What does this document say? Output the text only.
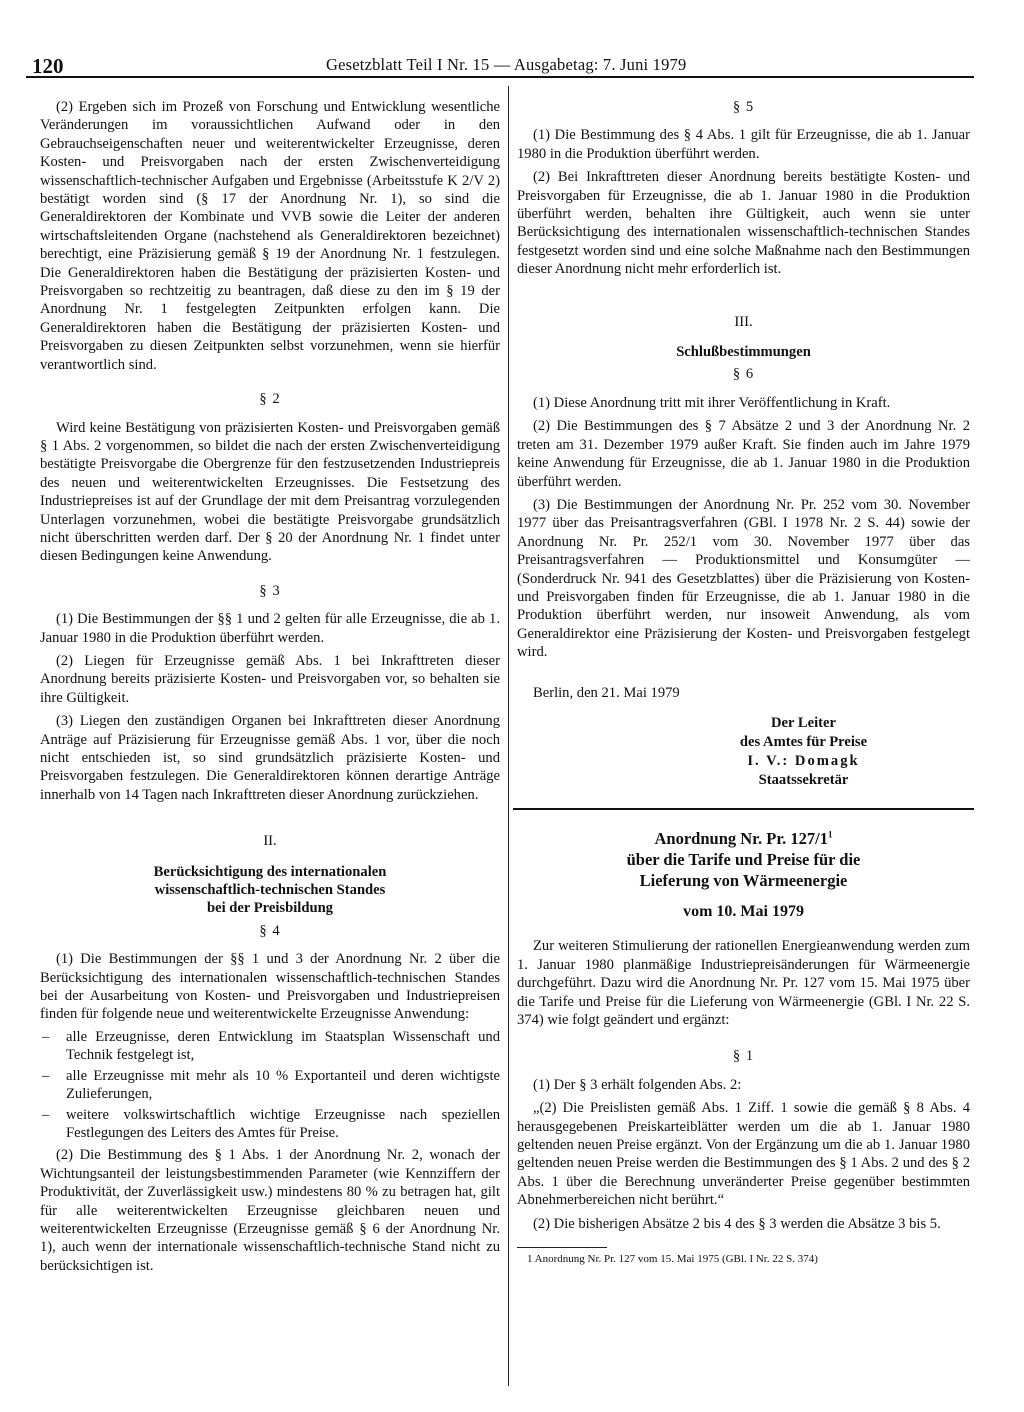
120	Gesetzblatt Teil I Nr. 15 — Ausgabetag: 7. Juni 1979

(2) Ergeben sich im Prozeß von Forschung und Entwicklung wesentliche Veränderungen im voraussichtlichen Aufwand oder in den Gebrauchseigenschaften neuer und weiterentwickelter Erzeugnisse, deren Kosten- und Preisvorgaben nach der ersten Zwischenverteidigung wissenschaftlich-technischer Aufgaben und Ergebnisse (Arbeitsstufe K 2/V 2) bestätigt worden sind (§ 17 der Anordnung Nr. 1), so sind die Generaldirektoren der Kombinate und VVB sowie die Leiter der anderen wirtschaftsleitenden Organe (nachstehend als Generaldirektoren bezeichnet) berechtigt, eine Präzisierung gemäß § 19 der Anordnung Nr. 1 festzulegen. Die Generaldirektoren haben die Bestätigung der präzisierten Kosten- und Preisvorgaben so rechtzeitig zu beantragen, daß diese zu den im § 19 der Anordnung Nr. 1 festgelegten Zeitpunkten erfolgen kann. Die Generaldirektoren haben die Bestätigung der präzisierten Kosten- und Preisvorgaben zu diesen Zeitpunkten selbst vorzunehmen, wenn sie hierfür verantwortlich sind.

§ 2

Wird keine Bestätigung von präzisierten Kosten- und Preisvorgaben gemäß § 1 Abs. 2 vorgenommen, so bildet die nach der ersten Zwischenverteidigung bestätigte Preisvorgabe die Obergrenze für den festzusetzenden Industriepreis des neuen und weiterentwickelten Erzeugnisses. Die Festsetzung des Industriepreises ist auf der Grundlage der mit dem Preisantrag vorzulegenden Unterlagen vorzunehmen, wobei die bestätigte Preisvorgabe grundsätzlich nicht überschritten werden darf. Der § 20 der Anordnung Nr. 1 findet unter diesen Bedingungen keine Anwendung.

§ 3

(1) Die Bestimmungen der §§ 1 und 2 gelten für alle Erzeugnisse, die ab 1. Januar 1980 in die Produktion überführt werden.

(2) Liegen für Erzeugnisse gemäß Abs. 1 bei Inkrafttreten dieser Anordnung bereits präzisierte Kosten- und Preisvorgaben vor, so behalten sie ihre Gültigkeit.

(3) Liegen den zuständigen Organen bei Inkrafttreten dieser Anordnung Anträge auf Präzisierung für Erzeugnisse gemäß Abs. 1 vor, über die noch nicht entschieden ist, so sind grundsätzlich präzisierte Kosten- und Preisvorgaben festzulegen. Die Generaldirektoren können derartige Anträge innerhalb von 14 Tagen nach Inkrafttreten dieser Anordnung zurückziehen.

II.
Berücksichtigung des internationalen
wissenschaftlich-technischen Standes
bei der Preisbildung
§ 4

(1) Die Bestimmungen der §§ 1 und 3 der Anordnung Nr. 2 über die Berücksichtigung des internationalen wissenschaftlich-technischen Standes bei der Ausarbeitung von Kosten- und Preisvorgaben und Industriepreisen finden für folgende neue und weiterentwickelte Erzeugnisse Anwendung:

– alle Erzeugnisse, deren Entwicklung im Staatsplan Wissenschaft und Technik festgelegt ist,
– alle Erzeugnisse mit mehr als 10 % Exportanteil und deren wichtigste Zulieferungen,
– weitere volkswirtschaftlich wichtige Erzeugnisse nach speziellen Festlegungen des Leiters des Amtes für Preise.

(2) Die Bestimmung des § 1 Abs. 1 der Anordnung Nr. 2, wonach der Wichtungsanteil der leistungsbestimmenden Parameter (wie Kennziffern der Produktivität, der Zuverlässigkeit usw.) mindestens 80 % zu betragen hat, gilt für alle weiterentwickelten Erzeugnisse gleichbaren neuen und weiterentwickelten Erzeugnisse (Erzeugnisse gemäß § 6 der Anordnung Nr. 1), auch wenn der internationale wissenschaftlich-technische Stand nicht zu berücksichtigen ist.

§ 5

(1) Die Bestimmung des § 4 Abs. 1 gilt für Erzeugnisse, die ab 1. Januar 1980 in die Produktion überführt werden.

(2) Bei Inkrafttreten dieser Anordnung bereits bestätigte Kosten- und Preisvorgaben für Erzeugnisse, die ab 1. Januar 1980 in die Produktion überführt werden, behalten ihre Gültigkeit, auch wenn sie unter Berücksichtigung des internationalen wissenschaftlich-technischen Standes festgesetzt worden sind und eine solche Maßnahme nach den Bestimmungen dieser Anordnung nicht mehr erforderlich ist.

III.
Schlußbestimmungen
§ 6

(1) Diese Anordnung tritt mit ihrer Veröffentlichung in Kraft.

(2) Die Bestimmungen des § 7 Absätze 2 und 3 der Anordnung Nr. 2 treten am 31. Dezember 1979 außer Kraft. Sie finden auch im Jahre 1979 keine Anwendung für Erzeugnisse, die ab 1. Januar 1980 in die Produktion überführt werden.

(3) Die Bestimmungen der Anordnung Nr. Pr. 252 vom 30. November 1977 über das Preisantragsverfahren (GBl. I 1978 Nr. 2 S. 44) sowie der Anordnung Nr. Pr. 252/1 vom 30. November 1977 über das Preisantragsverfahren — Produktionsmittel und Konsumgüter — (Sonderdruck Nr. 941 des Gesetzblattes) über die Präzisierung von Kosten- und Preisvorgaben finden für Erzeugnisse, die ab 1. Januar 1980 in die Produktion überführt werden, nur insoweit Anwendung, als vom Generaldirektor eine Präzisierung der Kosten- und Preisvorgaben festgelegt wird.

Berlin, den 21. Mai 1979
Der Leiter
des Amtes für Preise
I. V.: Domagk
Staatssekretär
Anordnung Nr. Pr. $127/1^1$
über die Tarife und Preise für die
Lieferung von Wärmeenergie
vom 10. Mai 1979

Zur weiteren Stimulierung der rationellen Energieanwendung werden zum 1. Januar 1980 planmäßige Industriepreisänderungen für Wärmeenergie durchgeführt. Dazu wird die Anordnung Nr. Pr. 127 vom 15. Mai 1975 über die Tarife und Preise für die Lieferung von Wärmeenergie (GBl. I Nr. 22 S. 374) wie folgt geändert und ergänzt:

§ 1

(1) Der § 3 erhält folgenden Abs. 2:

„(2) Die Preislisten gemäß Abs. 1 Ziff. 1 sowie die gemäß § 8 Abs. 4 herausgegebenen Preiskarteiblätter werden um die ab 1. Januar 1980 geltenden neuen Preise ergänzt. Von der Ergänzung um die ab 1. Januar 1980 geltenden neuen Preise werden die Bestimmungen des § 1 Abs. 2 und des § 2 Abs. 1 über die Berechnung unveränderter Preise gegenüber bestimmten Abnehmerbereichen nicht berührt.“

(2) Die bisherigen Absätze 2 bis 4 des § 3 werden die Absätze 3 bis 5.

1 Anordnung Nr. Pr. 127 vom 15. Mai 1975 (GBl. I Nr. 22 S. 374)
